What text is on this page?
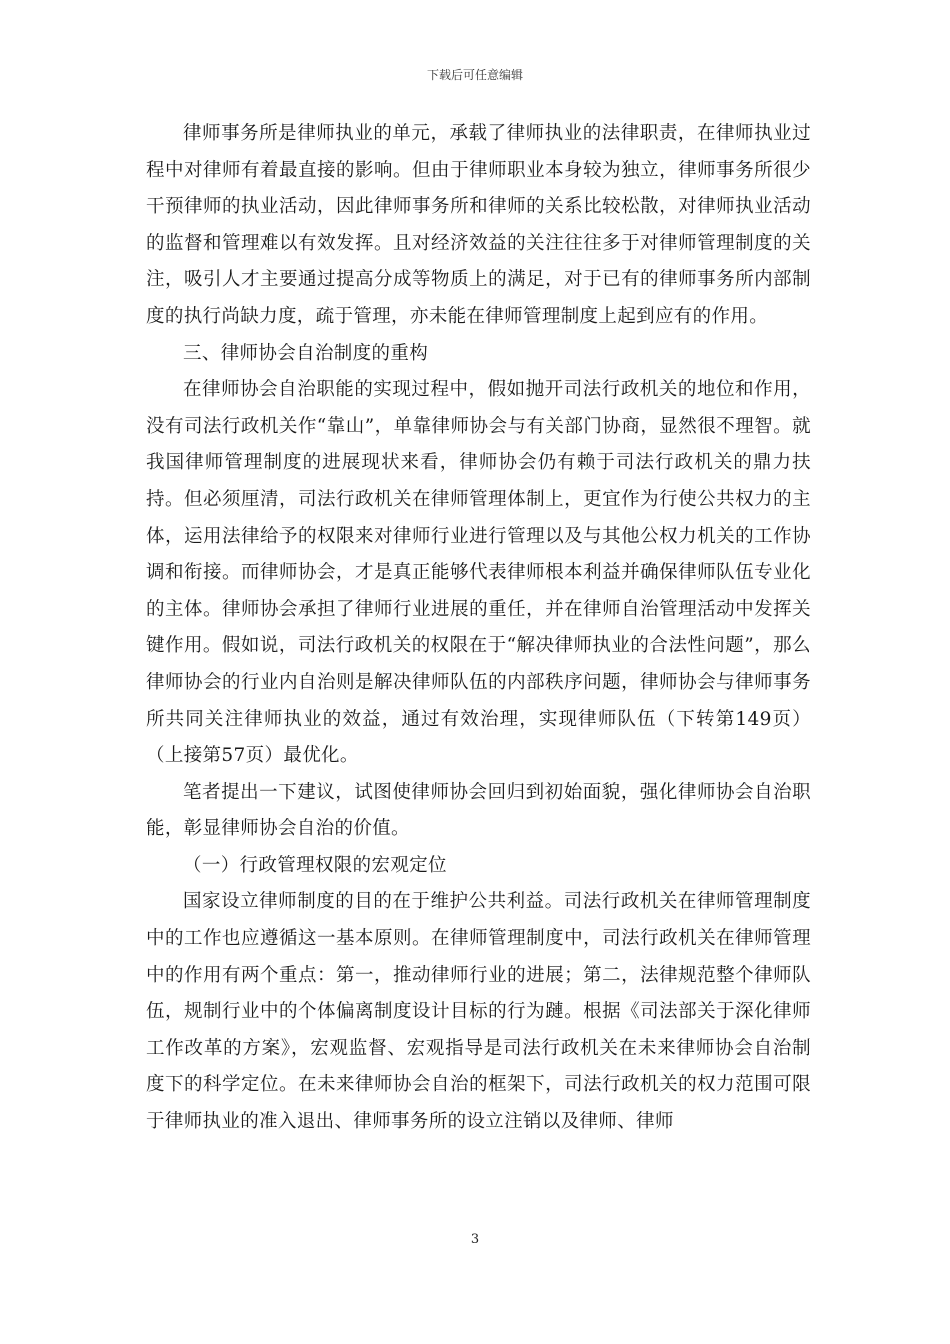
下载后可任意编辑

律师事务所是律师执业的单元，承载了律师执业的法律职责，在律师执业过程中对律师有着最直接的影响。但由于律师职业本身较为独立，律师事务所很少干预律师的执业活动，因此律师事务所和律师的关系比较松散，对律师执业活动的监督和管理难以有效发挥。且对经济效益的关注往往多于对律师管理制度的关注，吸引人才主要通过提高分成等物质上的满足，对于已有的律师事务所内部制度的执行尚缺力度，疏于管理，亦未能在律师管理制度上起到应有的作用。

三、律师协会自治制度的重构

在律师协会自治职能的实现过程中，假如抛开司法行政机关的地位和作用，没有司法行政机关作“靠山”，单靠律师协会与有关部门协商，显然很不理智。就我国律师管理制度的进展现状来看，律师协会仍有赖于司法行政机关的鼎力扶持。但必须厘清，司法行政机关在律师管理体制上，更宜作为行使公共权力的主体，运用法律给予的权限来对律师行业进行管理以及与其他公权力机关的工作协调和衔接。而律师协会，才是真正能够代表律师根本利益并确保律师队伍专业化的主体。律师协会承担了律师行业进展的重任，并在律师自治管理活动中发挥关键作用。假如说，司法行政机关的权限在于“解决律师执业的合法性问题”，那么律师协会的行业内自治则是解决律师队伍的内部秩序问题，律师协会与律师事务所共同关注律师执业的效益，通过有效治理，实现律师队伍（下转第149页）（上接第57页）最优化。

笔者提出一下建议，试图使律师协会回归到初始面貌，强化律师协会自治职能，彰显律师协会自治的价值。

（一）行政管理权限的宏观定位

国家设立律师制度的目的在于维护公共利益。司法行政机关在律师管理制度中的工作也应遵循这一基本原则。在律师管理制度中，司法行政机关在律师管理中的作用有两个重点：第一，推动律师行业的进展；第二，法律规范整个律师队伍，规制行业中的个体偏离制度设计目标的行为蹥。根据《司法部关于深化律师工作改革的方案》，宏观监督、宏观指导是司法行政机关在未来律师协会自治制度下的科学定位。在未来律师协会自治的框架下，司法行政机关的权力范围可限于律师执业的准入退出、律师事务所的设立注销以及律师、律师

3
